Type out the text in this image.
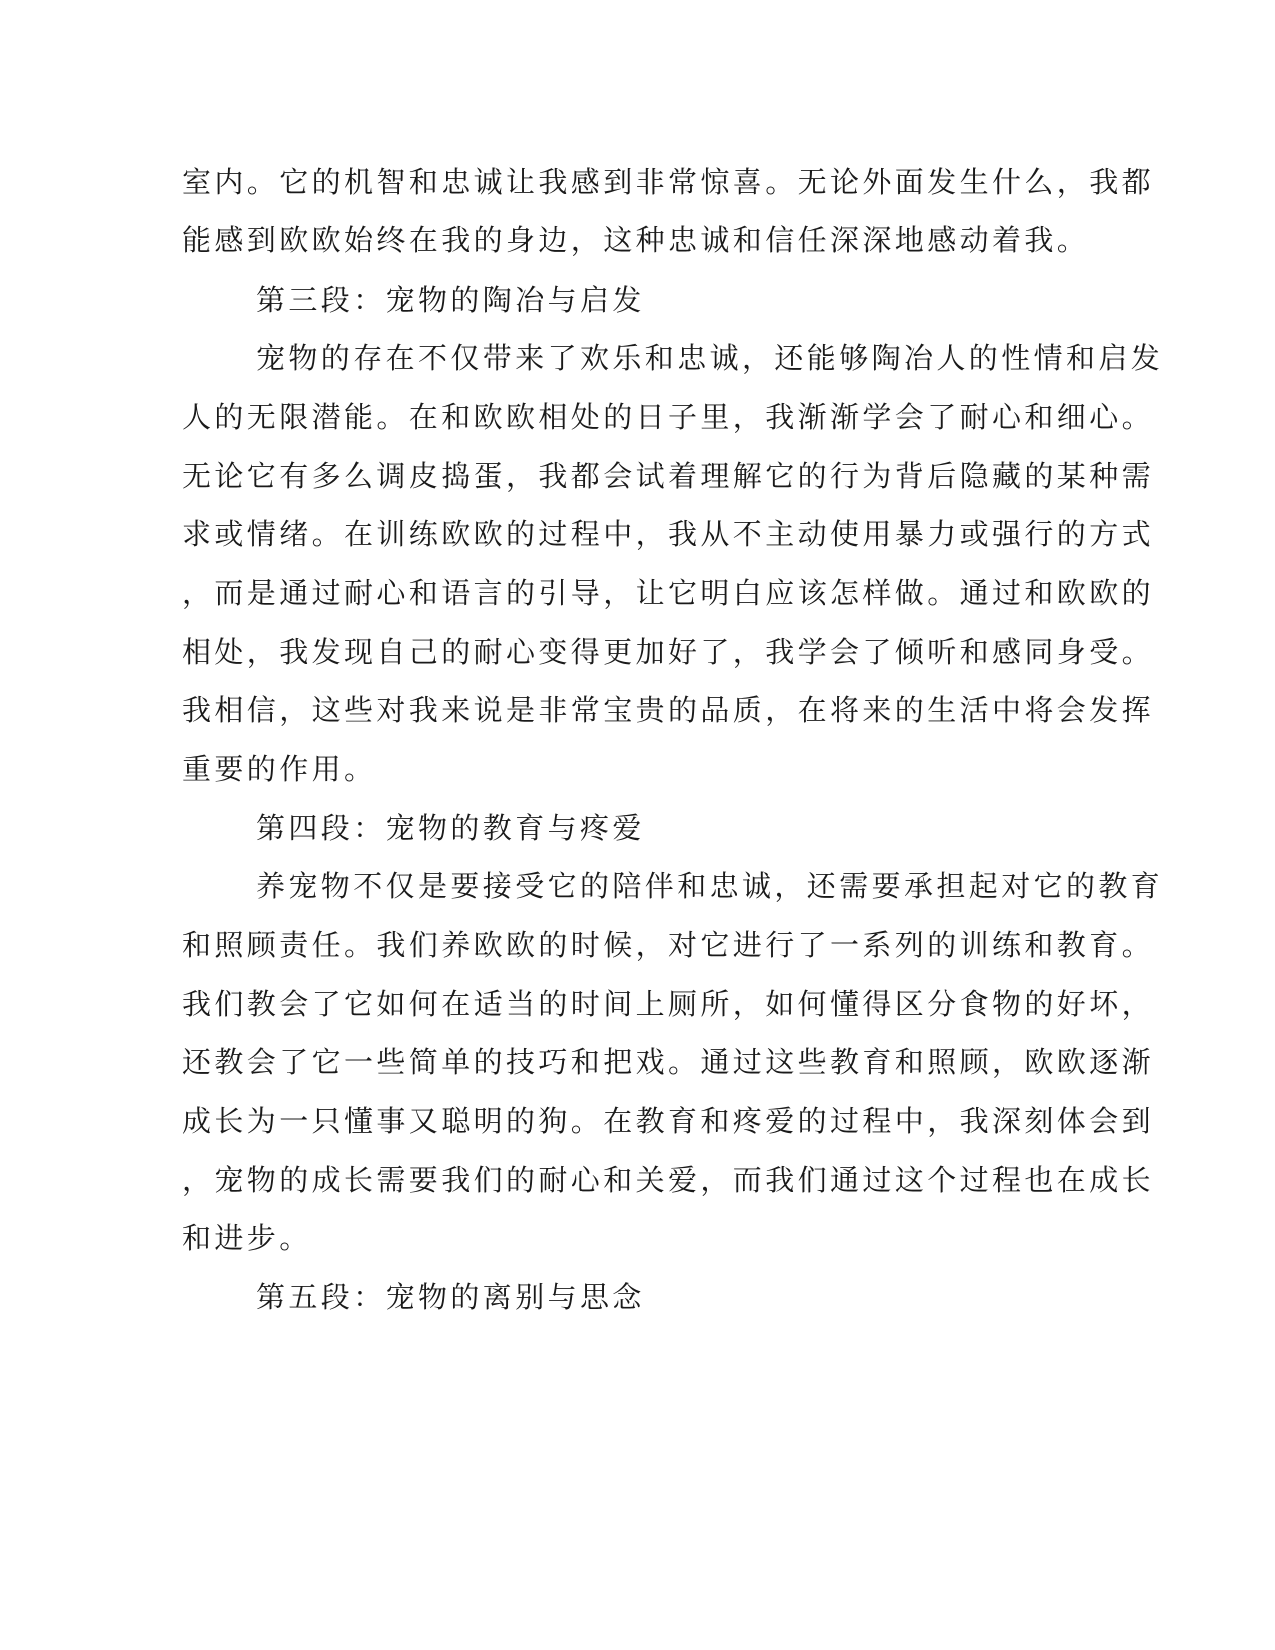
室内。它的机智和忠诚让我感到非常惊喜。无论外面发生什么，我都
能感到欧欧始终在我的身边，这种忠诚和信任深深地感动着我。
第三段：宠物的陶冶与启发
宠物的存在不仅带来了欢乐和忠诚，还能够陶冶人的性情和启发
人的无限潜能。在和欧欧相处的日子里，我渐渐学会了耐心和细心。
无论它有多么调皮捣蛋，我都会试着理解它的行为背后隐藏的某种需
求或情绪。在训练欧欧的过程中，我从不主动使用暴力或强行的方式
，而是通过耐心和语言的引导，让它明白应该怎样做。通过和欧欧的
相处，我发现自己的耐心变得更加好了，我学会了倾听和感同身受。
我相信，这些对我来说是非常宝贵的品质，在将来的生活中将会发挥
重要的作用。
第四段：宠物的教育与疼爱
养宠物不仅是要接受它的陪伴和忠诚，还需要承担起对它的教育
和照顾责任。我们养欧欧的时候，对它进行了一系列的训练和教育。
我们教会了它如何在适当的时间上厕所，如何懂得区分食物的好坏，
还教会了它一些简单的技巧和把戏。通过这些教育和照顾，欧欧逐渐
成长为一只懂事又聪明的狗。在教育和疼爱的过程中，我深刻体会到
，宠物的成长需要我们的耐心和关爱，而我们通过这个过程也在成长
和进步。
第五段：宠物的离别与思念
